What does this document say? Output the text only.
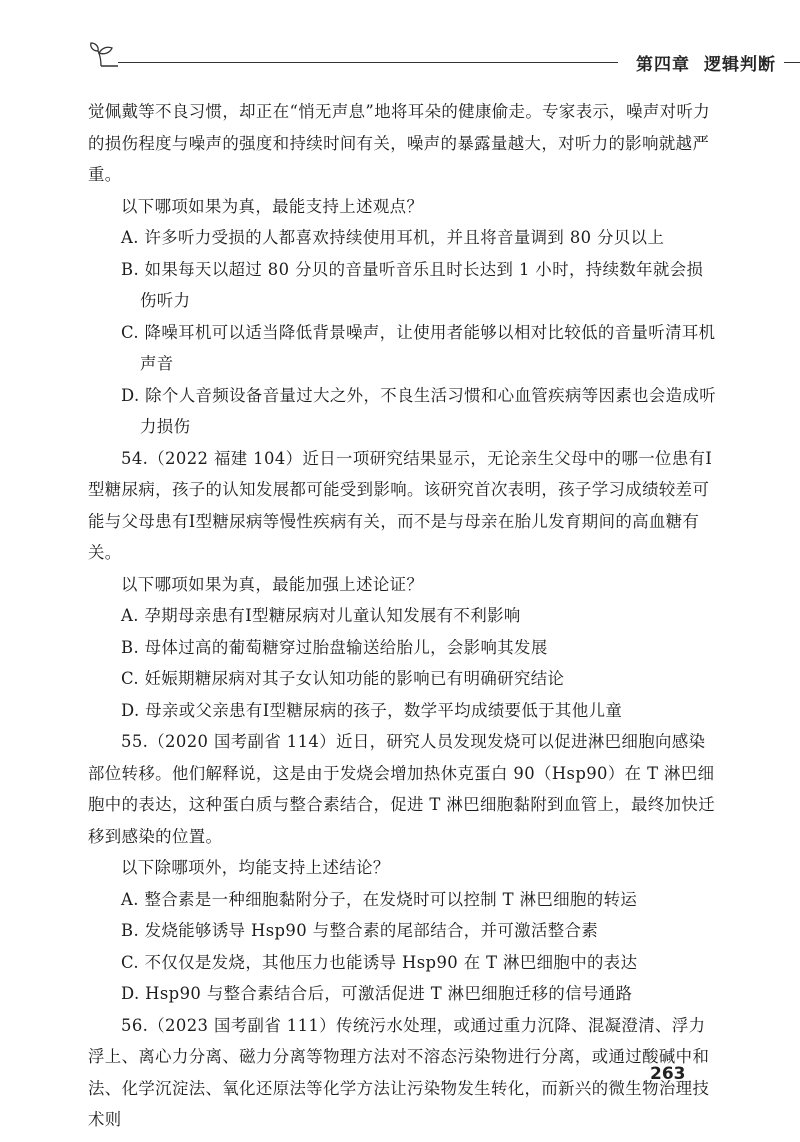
第四章 逻辑判断

觉佩戴等不良习惯，却正在“悄无声息”地将耳朵的健康偷走。专家表示，噪声对听力的损伤程度与噪声的强度和持续时间有关，噪声的暴露量越大，对听力的影响就越严重。

以下哪项如果为真，最能支持上述观点？

A. 许多听力受损的人都喜欢持续使用耳机，并且将音量调到 80 分贝以上

B. 如果每天以超过 80 分贝的音量听音乐且时长达到 1 小时，持续数年就会损伤听力

C. 降噪耳机可以适当降低背景噪声，让使用者能够以相对比较低的音量听清耳机声音

D. 除个人音频设备音量过大之外，不良生活习惯和心血管疾病等因素也会造成听力损伤

54.（2022 福建 104）近日一项研究结果显示，无论亲生父母中的哪一位患有Ⅰ型糖尿病，孩子的认知发展都可能受到影响。该研究首次表明，孩子学习成绩较差可能与父母患有Ⅰ型糖尿病等慢性疾病有关，而不是与母亲在胎儿发育期间的高血糖有关。

以下哪项如果为真，最能加强上述论证？

A. 孕期母亲患有Ⅰ型糖尿病对儿童认知发展有不利影响

B. 母体过高的葡萄糖穿过胎盘输送给胎儿，会影响其发展

C. 妊娠期糖尿病对其子女认知功能的影响已有明确研究结论

D. 母亲或父亲患有Ⅰ型糖尿病的孩子，数学平均成绩要低于其他儿童

55.（2020 国考副省 114）近日，研究人员发现发烧可以促进淋巴细胞向感染部位转移。他们解释说，这是由于发烧会增加热休克蛋白 90（Hsp90）在 T 淋巴细胞中的表达，这种蛋白质与整合素结合，促进 T 淋巴细胞黏附到血管上，最终加快迁移到感染的位置。

以下除哪项外，均能支持上述结论？

A. 整合素是一种细胞黏附分子，在发烧时可以控制 T 淋巴细胞的转运

B. 发烧能够诱导 Hsp90 与整合素的尾部结合，并可激活整合素

C. 不仅仅是发烧，其他压力也能诱导 Hsp90 在 T 淋巴细胞中的表达

D. Hsp90 与整合素结合后，可激活促进 T 淋巴细胞迁移的信号通路

56.（2023 国考副省 111）传统污水处理，或通过重力沉降、混凝澄清、浮力浮上、离心力分离、磁力分离等物理方法对不溶态污染物进行分离，或通过酸碱中和法、化学沉淀法、氧化还原法等化学方法让污染物发生转化，而新兴的微生物治理技术则

263
